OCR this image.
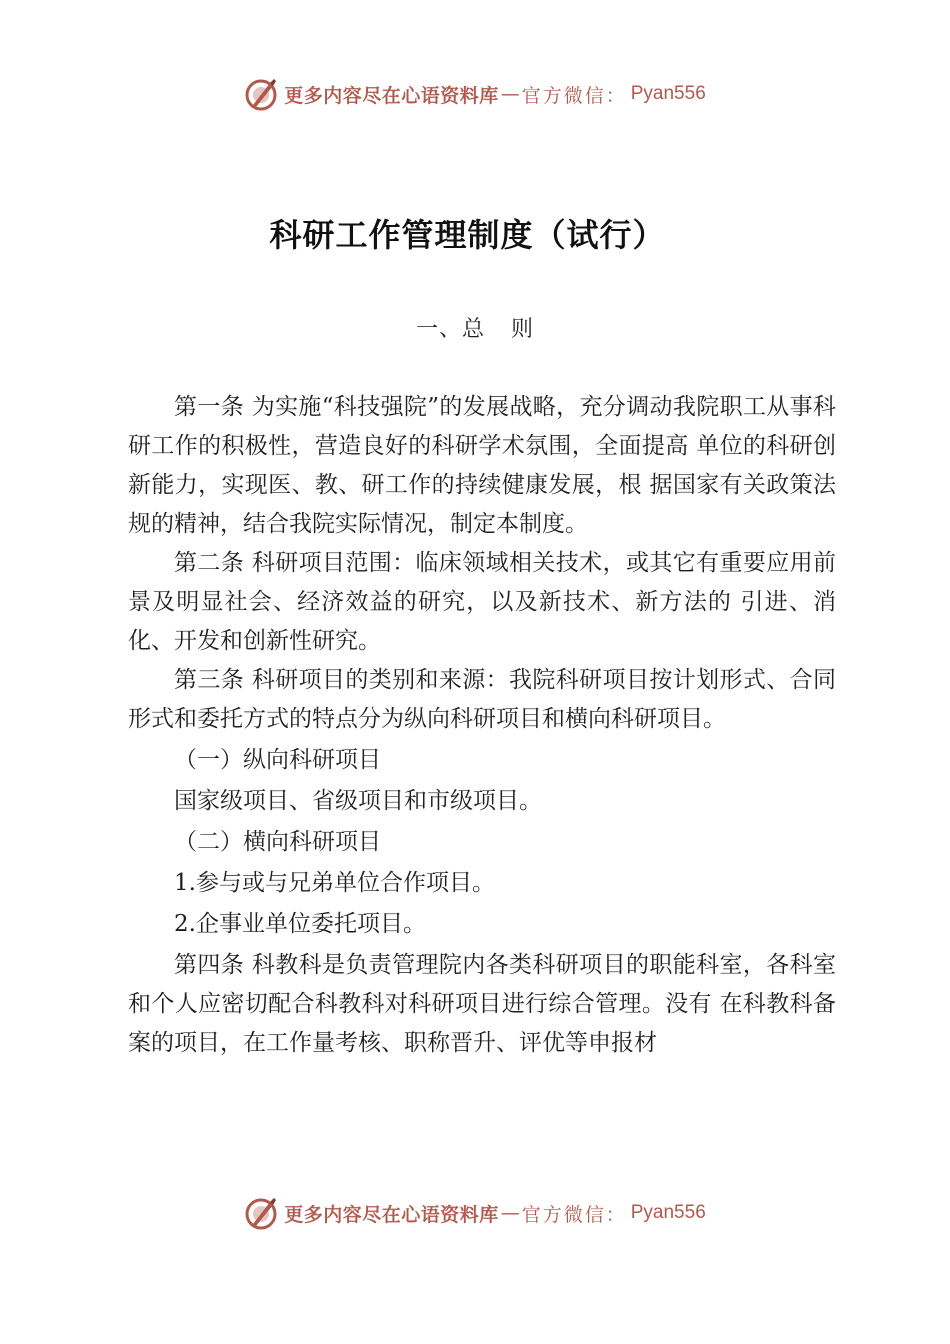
更多内容尽在心语资料库 — 官方微信： Pyan556
科研工作管理制度（试行）
一、总 则

第一条 为实施“科技强院”的发展战略，充分调动我院职工从事科研工作的积极性，营造良好的科研学术氛围，全面提高 单位的科研创新能力，实现医、教、研工作的持续健康发展，根 据国家有关政策法规的精神，结合我院实际情况，制定本制度。

第二条 科研项目范围：临床领域相关技术，或其它有重要应用前景及明显社会、经济效益的研究，以及新技术、新方法的 引进、消化、开发和创新性研究。

第三条 科研项目的类别和来源：我院科研项目按计划形式、合同形式和委托方式的特点分为纵向科研项目和横向科研项目。

（一）纵向科研项目

国家级项目、省级项目和市级项目。

（二）横向科研项目

1.参与或与兄弟单位合作项目。

2.企事业单位委托项目。

第四条 科教科是负责管理院内各类科研项目的职能科室，各科室和个人应密切配合科教科对科研项目进行综合管理。没有 在科教科备案的项目，在工作量考核、职称晋升、评优等申报材

更多内容尽在心语资料库 — 官方微信： Pyan556
